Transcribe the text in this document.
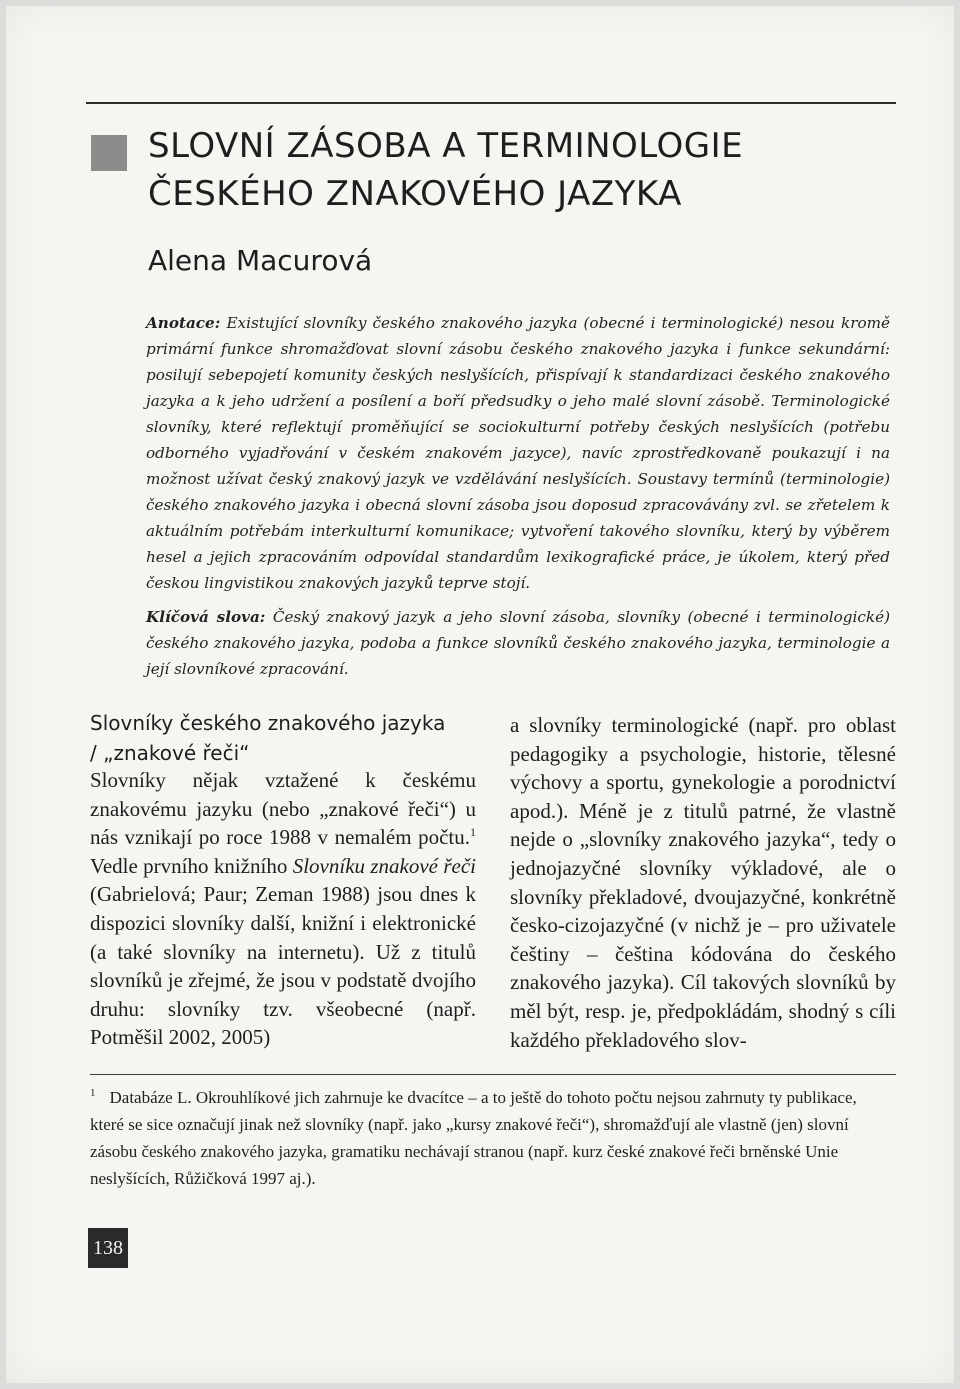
SLOVNÍ ZÁSOBA A TERMINOLOGIE
ČESKÉHO ZNAKOVÉHO JAZYKA
Alena Macurová

Anotace: Existující slovníky českého znakového jazyka (obecné i terminologické) nesou kromě primární funkce shromažďovat slovní zásobu českého znakového jazyka i funkce sekundární: posilují sebepojetí komunity českých neslyšících, přispívají k standardizaci českého znakového jazyka a k jeho udržení a posílení a boří předsudky o jeho malé slovní zásobě. Terminologické slovníky, které reflektují proměňující se sociokulturní potřeby českých neslyšících (potřebu odborného vyjadřování v českém znakovém jazyce), navíc zprostředkovaně poukazují i na možnost užívat český znakový jazyk ve vzdělávání neslyšících. Soustavy termínů (terminologie) českého znakového jazyka i obecná slovní zásoba jsou doposud zpracovávány zvl. se zřetelem k aktuálním potřebám interkulturní komunikace; vytvoření takového slovníku, který by výběrem hesel a jejich zpracováním odpovídal standardům lexikografické práce, je úkolem, který před českou lingvistikou znakových jazyků teprve stojí.

Klíčová slova: Český znakový jazyk a jeho slovní zásoba, slovníky (obecné i terminologické) českého znakového jazyka, podoba a funkce slovníků českého znakového jazyka, terminologie a její slovníkové zpracování.

Slovníky českého znakového jazyka
/ „znakové řeči“

Slovníky nějak vztažené k českému znakovému jazyku (nebo „znakové řeči“) u nás vznikají po roce 1988 v nemalém počtu.$^1$ Vedle prvního knižního Slovníku znakové řeči (Gabrielová; Paur; Zeman 1988) jsou dnes k dispozici slovníky další, knižní i elektronické (a také slovníky na internetu). Už z titulů slovníků je zřejmé, že jsou v podstatě dvojího druhu: slovníky tzv. všeobecné (např. Potměšil 2002, 2005)

a slovníky terminologické (např. pro oblast pedagogiky a psychologie, historie, tělesné výchovy a sportu, gynekologie a porodnictví apod.). Méně je z titulů patrné, že vlastně nejde o „slovníky znakového jazyka“, tedy o jednojazyčné slovníky výkladové, ale o slovníky překladové, dvoujazyčné, konkrétně česko-cizojazyčné (v nichž je – pro uživatele češtiny – čeština kódována do českého znakového jazyka). Cíl takových slovníků by měl být, resp. je, předpokládám, shodný s cíli každého překladového slov-

$^1$ Databáze L. Okrouhlíkové jich zahrnuje ke dvacítce – a to ještě do tohoto počtu nejsou zahrnuty ty publikace, které se sice označují jinak než slovníky (např. jako „kursy znakové řeči“), shromažďují ale vlastně (jen) slovní zásobu českého znakového jazyka, gramatiku nechávají stranou (např. kurz české znakové řeči brněnské Unie neslyšících, Růžičková 1997 aj.).

138
